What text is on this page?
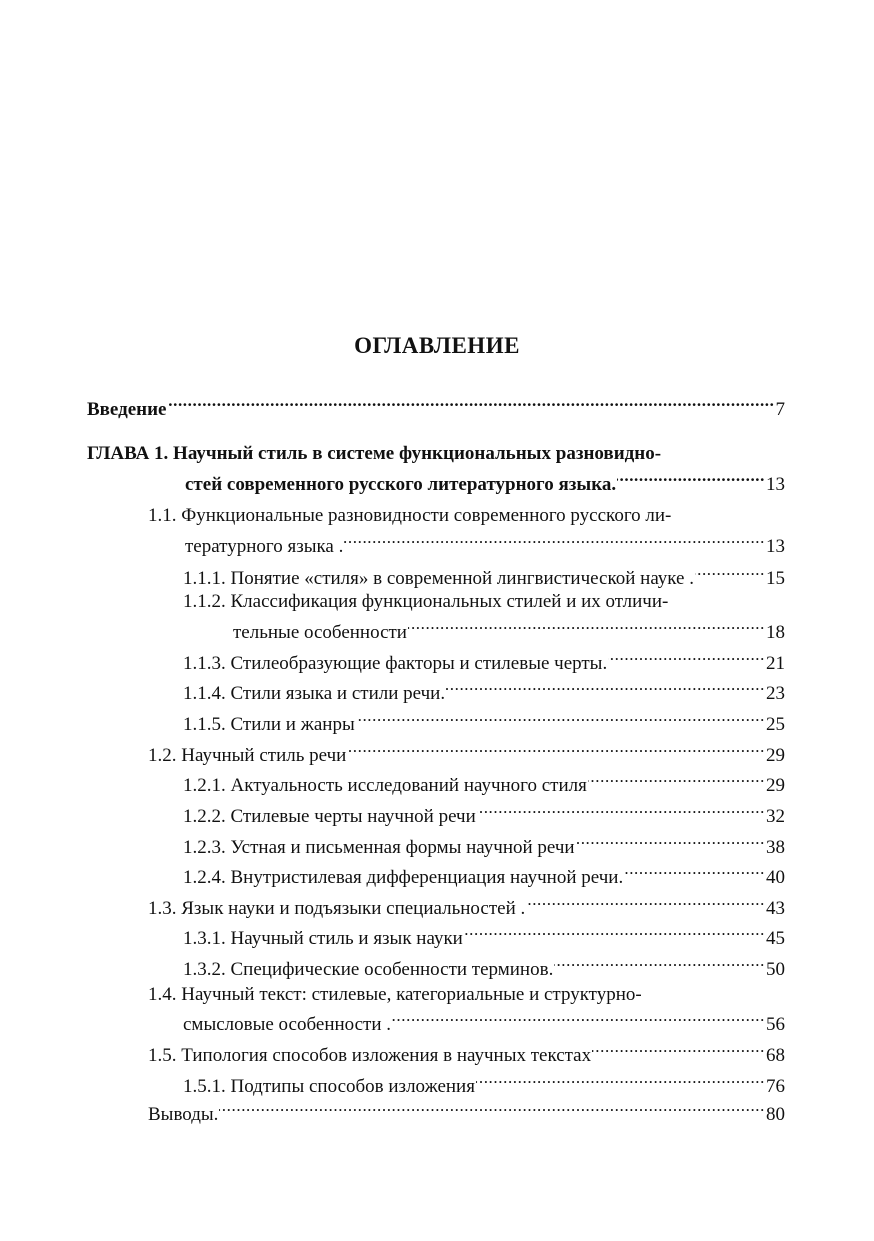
ОГЛАВЛЕНИЕ
Введение .....	7
ГЛАВА 1. Научный стиль в системе функциональных разновидно-
стей современного русского литературного языка. .....	13
1.1. Функциональные разновидности современного русского ли-
тературного языка . .....	13
1.1.1. Понятие «стиля» в современной лингвистической науке . .....	15
1.1.2. Классификация функциональных стилей и их отличи-
тельные особенности .....	18
1.1.3. Стилеобразующие факторы и стилевые черты. .....	21
1.1.4. Стили языка и стили речи. .....	23
1.1.5. Стили и жанры .....	25
1.2. Научный стиль речи .....	29
1.2.1. Актуальность исследований научного стиля .....	29
1.2.2. Стилевые черты научной речи .....	32
1.2.3. Устная и письменная формы научной речи .....	38
1.2.4. Внутристилевая дифференциация научной речи. .....	40
1.3. Язык науки и подъязыки специальностей . .....	43
1.3.1. Научный стиль и язык науки .....	45
1.3.2. Специфические особенности терминов. .....	50
1.4. Научный текст: стилевые, категориальные и структурно-
смысловые особенности . .....	56
1.5. Типология способов изложения в научных текстах .....	68
1.5.1. Подтипы способов изложения .....	76
Выводы. .....	80
